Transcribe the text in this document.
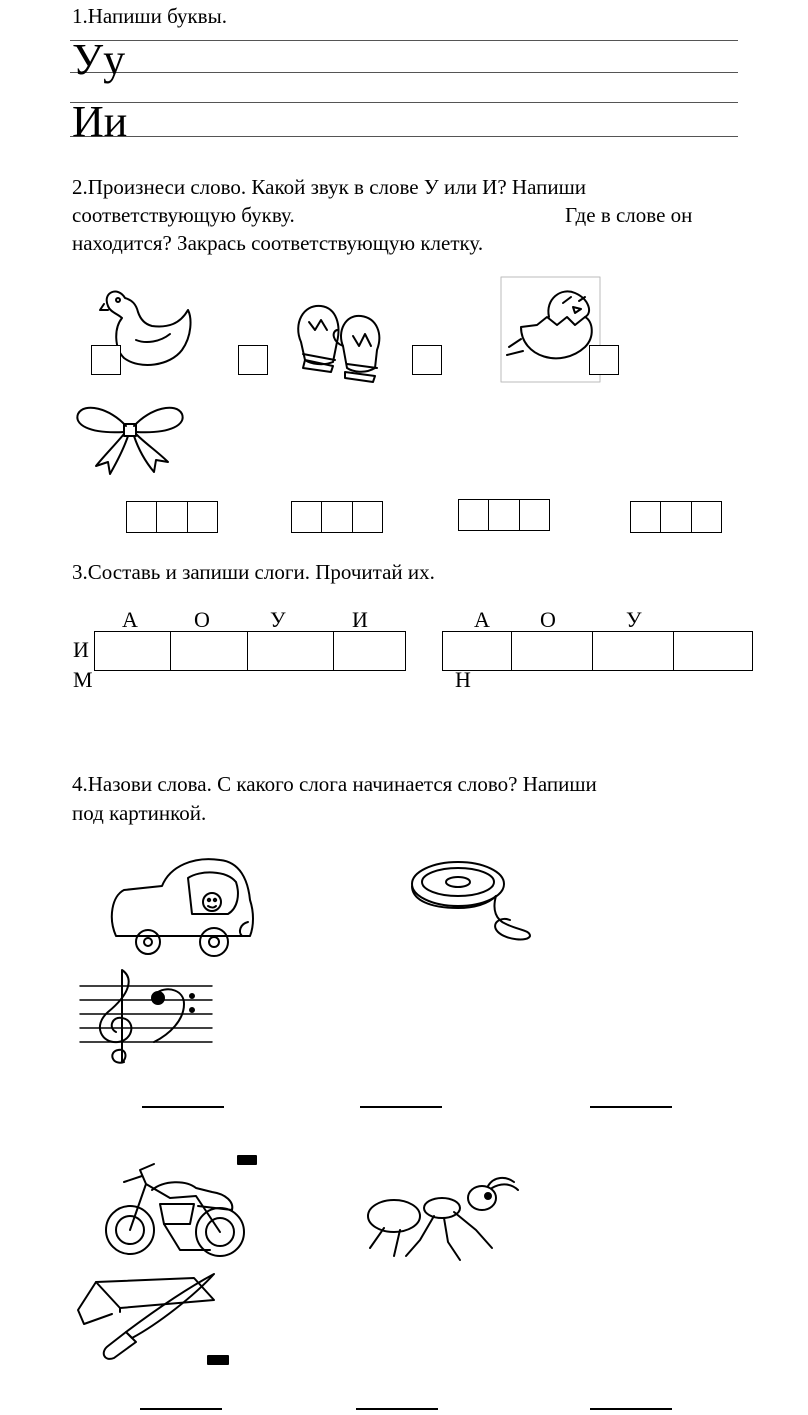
1.Напиши буквы.
Уу
Ии
2.Произнеси слово. Какой звук в слове У или И? Напиши
соответствующую букву.	Где в слове он
находится? Закрась соответствующую клетку.
3.Составь и запиши слоги. Прочитай их.
А	О	У	И
И
М
А О	У
Н
4.Назови слова. С какого слога начинается слово? Напиши
под картинкой.
